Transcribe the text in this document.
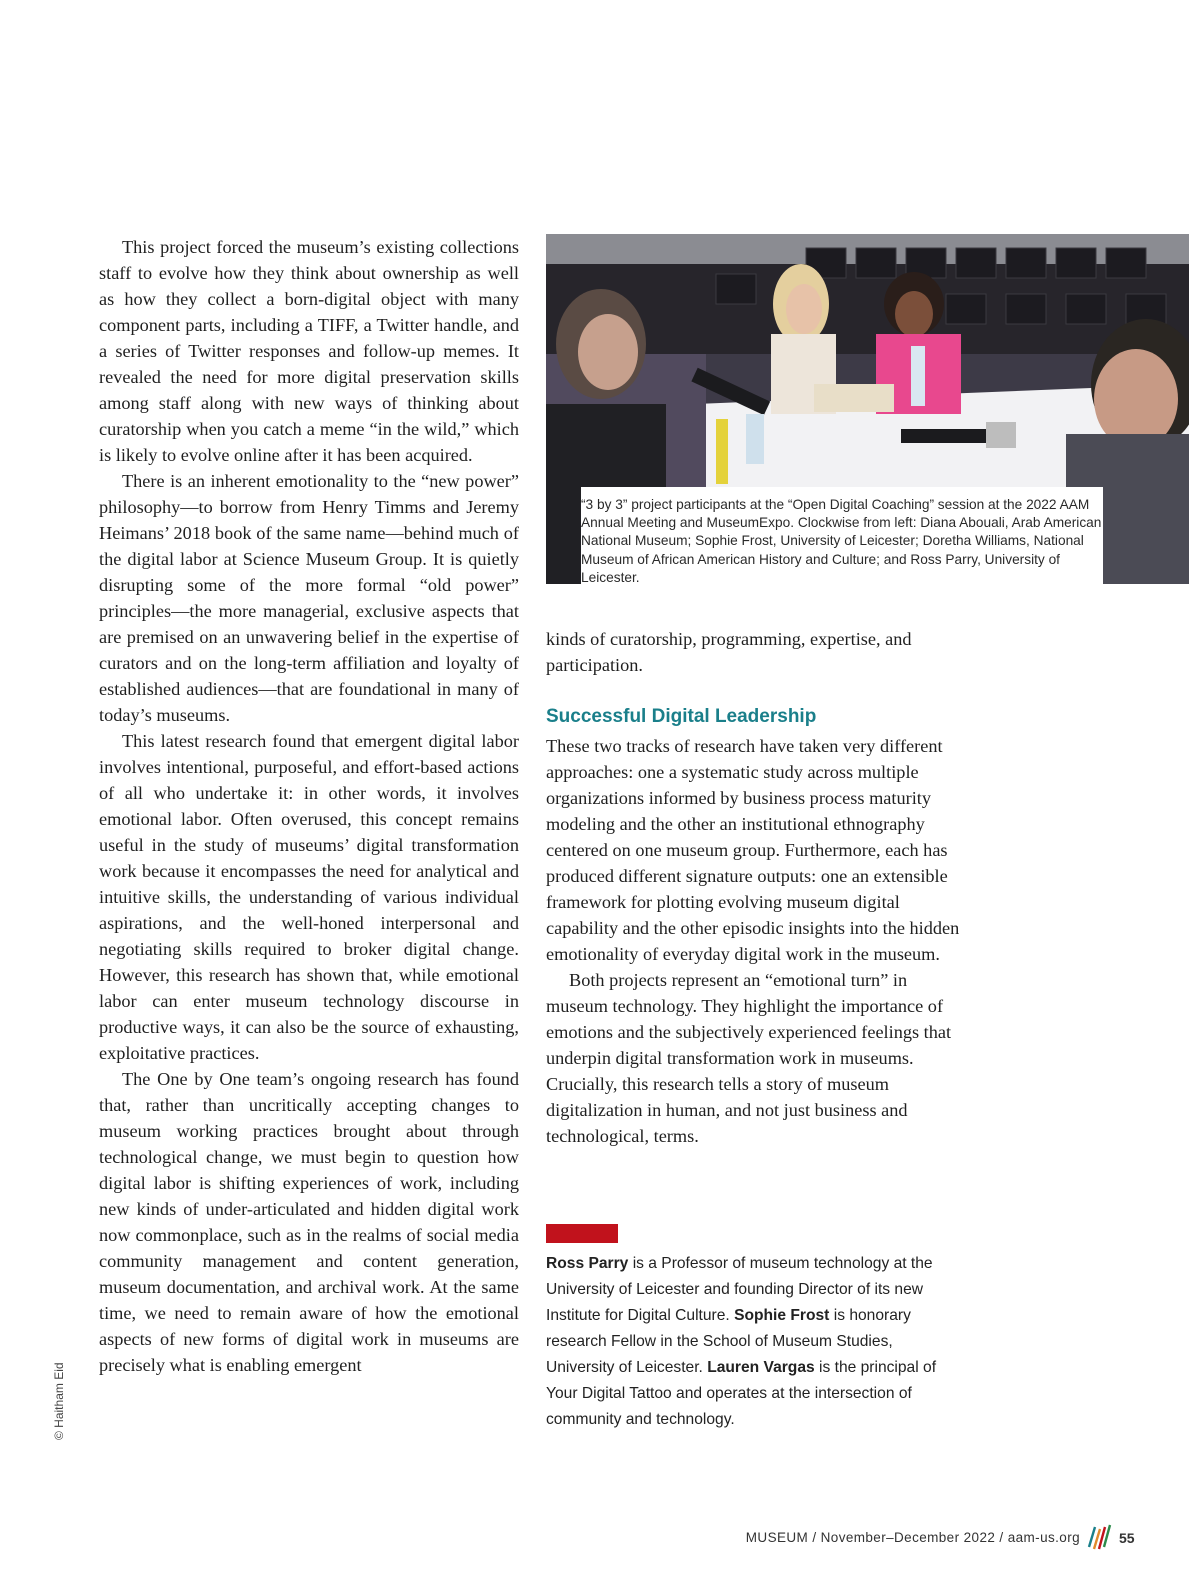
This project forced the museum’s existing collections staff to evolve how they think about ownership as well as how they collect a born-digital object with many component parts, including a TIFF, a Twitter handle, and a series of Twitter responses and follow-up memes. It revealed the need for more digital preservation skills among staff along with new ways of thinking about curatorship when you catch a meme “in the wild,” which is likely to evolve online after it has been acquired.

There is an inherent emotionality to the “new power” philosophy—to borrow from Henry Timms and Jeremy Heimans’ 2018 book of the same name—behind much of the digital labor at Science Museum Group. It is quietly disrupting some of the more formal “old power” principles—the more managerial, exclusive aspects that are premised on an unwavering belief in the expertise of curators and on the long-term affiliation and loyalty of established audiences—that are foundational in many of today’s museums.

This latest research found that emergent digital labor involves intentional, purposeful, and effort-based actions of all who undertake it: in other words, it involves emotional labor. Often overused, this concept remains useful in the study of museums’ digital transformation work because it encompasses the need for analytical and intuitive skills, the understanding of various individual aspirations, and the well-honed interpersonal and negotiating skills required to broker digital change. However, this research has shown that, while emotional labor can enter museum technology discourse in productive ways, it can also be the source of exhausting, exploitative practices.

The One by One team’s ongoing research has found that, rather than uncritically accepting changes to museum working practices brought about through technological change, we must begin to question how digital labor is shifting experiences of work, including new kinds of under-articulated and hidden digital work now commonplace, such as in the realms of social media community management and content generation, museum documentation, and archival work. At the same time, we need to remain aware of how the emotional aspects of new forms of digital work in museums are precisely what is enabling emergent

“3 by 3” project participants at the “Open Digital Coaching” session at the 2022 AAM Annual Meeting and MuseumExpo. Clockwise from left: Diana Abouali, Arab American National Museum; Sophie Frost, University of Leicester; Doretha Williams, National Museum of African American History and Culture; and Ross Parry, University of Leicester.

kinds of curatorship, programming, expertise, and participation.

Successful Digital Leadership

These two tracks of research have taken very different approaches: one a systematic study across multiple organizations informed by business process maturity modeling and the other an institutional ethnography centered on one museum group. Furthermore, each has produced different signature outputs: one an extensible framework for plotting evolving museum digital capability and the other episodic insights into the hidden emotionality of everyday digital work in the museum.

Both projects represent an “emotional turn” in museum technology. They highlight the importance of emotions and the subjectively experienced feelings that underpin digital transformation work in museums. Crucially, this research tells a story of museum digitalization in human, and not just business and technological, terms.

Ross Parry is a Professor of museum technology at the University of Leicester and founding Director of its new Institute for Digital Culture. Sophie Frost is honorary research Fellow in the School of Museum Studies, University of Leicester. Lauren Vargas is the principal of Your Digital Tattoo and operates at the intersection of community and technology.

© Haitham Eid
MUSEUM / November–December 2022 / aam-us.org	55
